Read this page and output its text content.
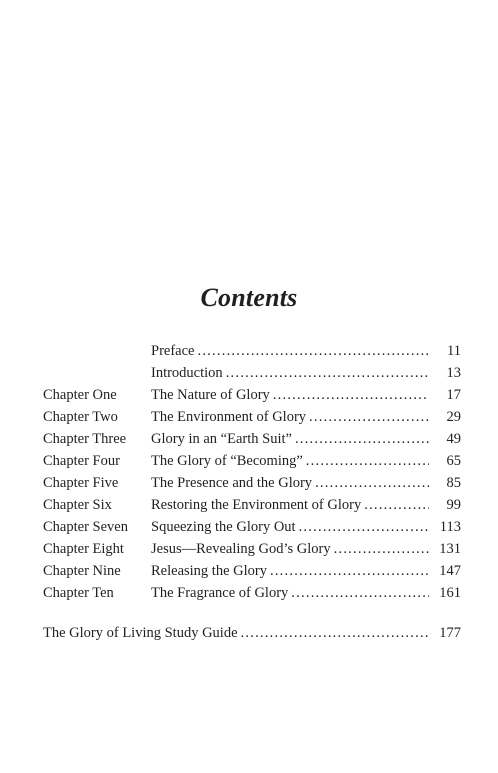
Contents
Preface . . .	11
Introduction . . .	13
Chapter One The Nature of Glory . . .	17
Chapter Two The Environment of Glory . . .	29
Chapter Three Glory in an “Earth Suit” . . .	49
Chapter Four The Glory of “Becoming” . . .	65
Chapter Five The Presence and the Glory . . .	85
Chapter Six	Restoring the Environment of Glory . . .	99
Chapter Seven Squeezing the Glory Out . . .	113
Chapter Eight Jesus—Revealing God’s Glory . . .	131
Chapter Nine Releasing the Glory . . .	147
Chapter Ten	The Fragrance of Glory . . .	161
The Glory of Living Study Guide . . .	177
